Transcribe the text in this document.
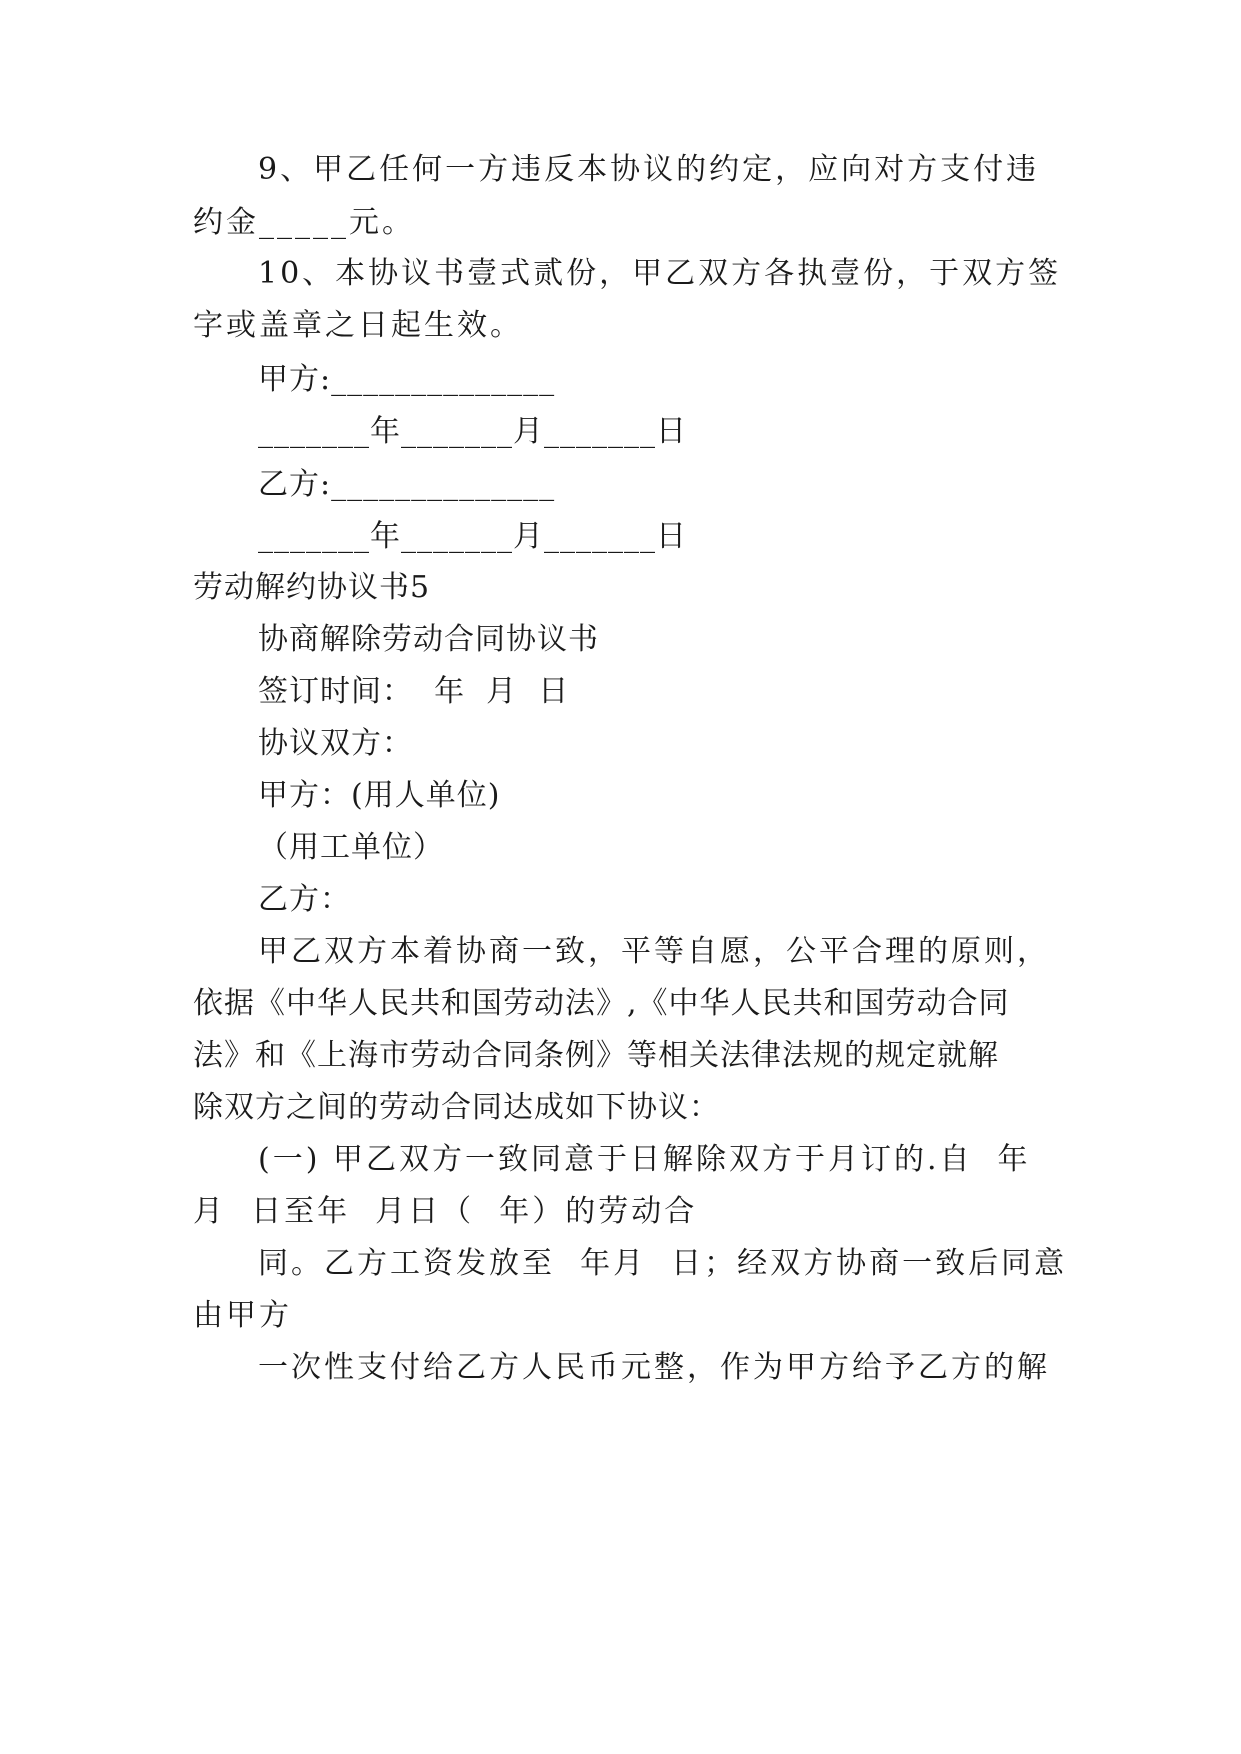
9、甲乙任何一方违反本协议的约定，应向对方支付违
约金_____元。
10、本协议书壹式贰份，甲乙双方各执壹份，于双方签
字或盖章之日起生效。
甲方:______________
_______年_______月_______日
乙方:______________
_______年_______月_______日
劳动解约协议书5
协商解除劳动合同协议书
签订时间：  年  月  日
协议双方：
甲方：(用人单位)
（用工单位）
乙方：
甲乙双方本着协商一致，平等自愿，公平合理的原则，
依据《中华人民共和国劳动法》,《中华人民共和国劳动合同
法》和《上海市劳动合同条例》等相关法律法规的规定就解
除双方之间的劳动合同达成如下协议：
(一) 甲乙双方一致同意于日解除双方于月订的.自  年
月  日至年  月日（  年）的劳动合
同。乙方工资发放至  年月  日；经双方协商一致后同意
由甲方
一次性支付给乙方人民币元整，作为甲方给予乙方的解
